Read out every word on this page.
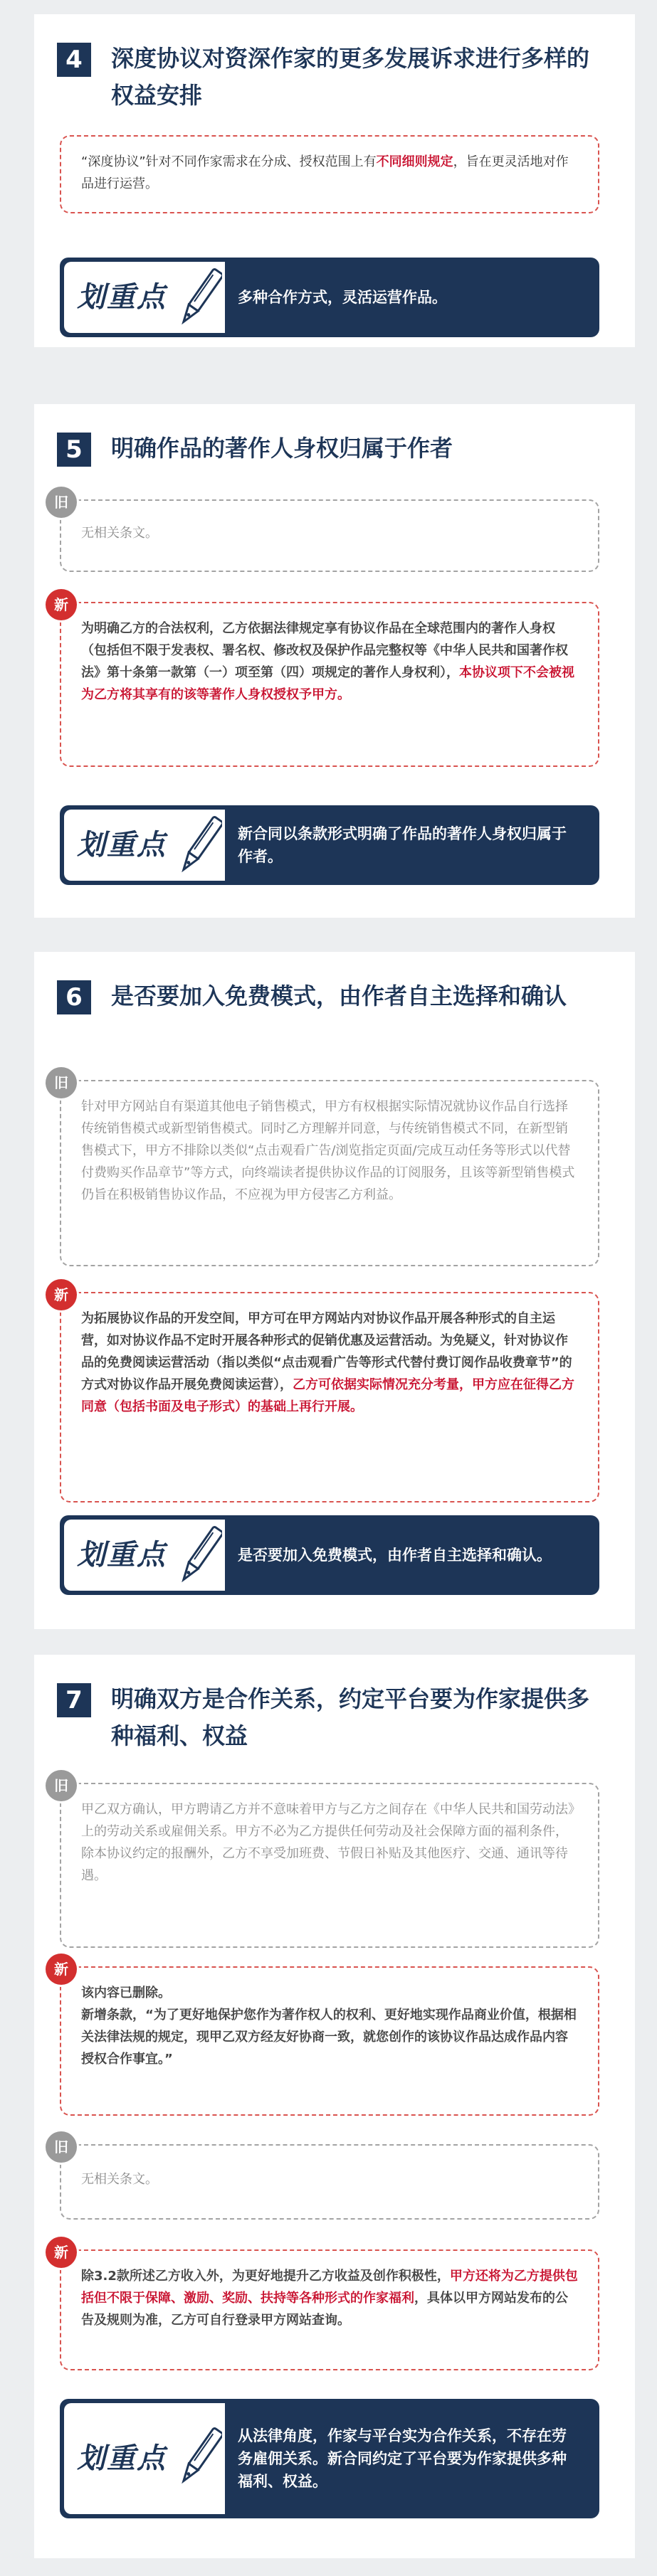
4	深度协议对资深作家的更多发展诉求进行多样的权益安排
“深度协议”针对不同作家需求在分成、授权范围上有不同细则规定，旨在更灵活地对作品进行运营。
划重点	多种合作方式，灵活运营作品。
5	明确作品的著作人身权归属于作者
旧
无相关条文。
新
为明确乙方的合法权利，乙方依据法律规定享有协议作品在全球范围内的著作人身权（包括但不限于发表权、署名权、修改权及保护作品完整权等《中华人民共和国著作权法》第十条第一款第（一）项至第（四）项规定的著作人身权利），本协议项下不会被视为乙方将其享有的该等著作人身权授权予甲方。
划重点	新合同以条款形式明确了作品的著作人身权归属于作者。
6	是否要加入免费模式，由作者自主选择和确认
旧
针对甲方网站自有渠道其他电子销售模式，甲方有权根据实际情况就协议作品自行选择传统销售模式或新型销售模式。同时乙方理解并同意，与传统销售模式不同，在新型销售模式下，甲方不排除以类似“点击观看广告/浏览指定页面/完成互动任务等形式以代替付费购买作品章节”等方式，向终端读者提供协议作品的订阅服务，且该等新型销售模式仍旨在积极销售协议作品，不应视为甲方侵害乙方利益。
新
为拓展协议作品的开发空间，甲方可在甲方网站内对协议作品开展各种形式的自主运营，如对协议作品不定时开展各种形式的促销优惠及运营活动。为免疑义，针对协议作品的免费阅读运营活动（指以类似“点击观看广告等形式代替付费订阅作品收费章节”的方式对协议作品开展免费阅读运营），乙方可依据实际情况充分考量，甲方应在征得乙方同意（包括书面及电子形式）的基础上再行开展。
划重点	是否要加入免费模式，由作者自主选择和确认。
7	明确双方是合作关系，约定平台要为作家提供多种福利、权益
旧
甲乙双方确认，甲方聘请乙方并不意味着甲方与乙方之间存在《中华人民共和国劳动法》上的劳动关系或雇佣关系。甲方不必为乙方提供任何劳动及社会保障方面的福利条件，除本协议约定的报酬外，乙方不享受加班费、节假日补贴及其他医疗、交通、通讯等待遇。
新
该内容已删除。
新增条款，“为了更好地保护您作为著作权人的权利、更好地实现作品商业价值，根据相关法律法规的规定，现甲乙双方经友好协商一致，就您创作的该协议作品达成作品内容授权合作事宜。”
旧
无相关条文。
新
除3.2款所述乙方收入外，为更好地提升乙方收益及创作积极性，甲方还将为乙方提供包括但不限于保障、激励、奖励、扶持等各种形式的作家福利，具体以甲方网站发布的公告及规则为准，乙方可自行登录甲方网站查询。
划重点
从法律角度，作家与平台实为合作关系，不存在劳务雇佣关系。新合同约定了平台要为作家提供多种福利、权益。
